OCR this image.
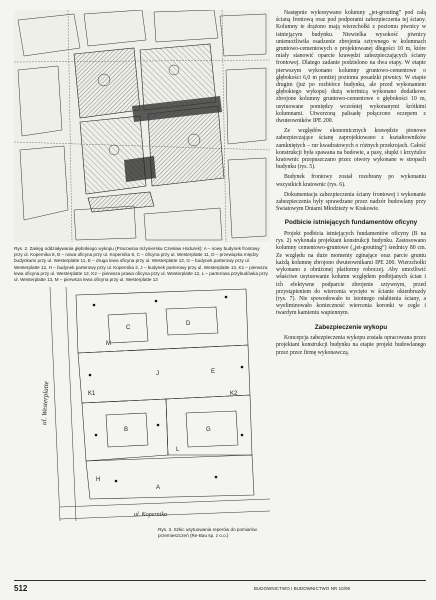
Rys. 2. Zasięg oddziaływania głębokiego wykopu (Pracownia Inżynierska Czesław Hodurek): A – nowy budynek frontowy przy ul. Kopernika 8, B – nowa oficyna przy ul. Kopernika 8, C – oficyna przy ul. Westerplatte 11, D – przewiązka między budynkami przy ul. Westerplatte 11, E – druga lewa oficyna przy ul. Westerplatte 12, G – budynek parterowy przy ul. Westerplatte 12, H – budynek parterowy przy ul. Kopernika 2, J – budynek parterowy przy ul. Westerplatte 13, K1 – pierwsza lewa oficyna przy ul. Westerplatte 12, K2 – pierwsza prawa oficyna przy ul. Westerplatte 12, L – parterowa przybudówka przy ul. Westerplatte 13, M – pierwsza lewa oficyna przy ul. Westerplatte 13
ul. Westerplatte
ul. Kopernika
A
B
C
D
E
G
H
J
K1	K2
L
M
Rys. 3. Szkic usytuowania reperów do pomiarów przemieszczeń (Re-Bau sp. z o.o.)

Następnie wykonywano kolumny „jet-grouting” pod całą ścianą frontową oraz pod podporami zabezpieczenia tej ściany. Kolumny te drążono mają wierzchołki z poziomu piwnicy w istniejącym budynku. Niewielka wysokość piwnicy uniemożliwiła osadzenie zbrojenia sztywnego w kolumnach gruntowo-cementowych o projektowanej długości 10 m, które miały stanowić oparcie krawędzi zabezpieczających ściany frontowej. Dlatego zadanie podzielono na dwa etapy. W etapie pierwszym wykonano kolumny gruntowo-cementowe o głębokości 6,0 m poniżej poziomu posadzki piwnicy. W etapie drugim (już po rozbiórce budynku, ale przed wykonaniem głębokiego wykopu) dużą wiertnicą wykonano dodatkowe zbrojone kolumny gruntowo-cementowe o głębokości 10 m, usytuowane pomiędzy wcześniej wykonanymi krótkimi kolumnami. Utworzoną palisadę połączono oczepem z dwuteowników IPE 200.

Ze względów ekonomicznych krawędzie pionowe zabezpieczające ścianę zaprojektowano z kształtowników zamkniętych – rur kwadratowych o różnych przekrojach. Całość konstrukcji była spawana na budowie, a pasy, słupki i krzyżulce kratownic przepuszczano przez otwory wykonane w stropach budynku (rys. 5).

Budynek frontowy został rozebrany po wykonaniu wszystkich kratownic (rys. 6).

Dokumentacja zabezpieczenia ściany frontowej i wykonanie zabezpieczenia były sprawdzane przez nadzór budowlany przy Światowym Dniami Młodzieży w Krakowie.

Podbicie istniejących fundamentów oficyny

Projekt podbicia istniejących fundamentów oficyny (B na rys. 2) wykonała projektant konstrukcji budynku. Zastosowano kolumny cementowo-gruntowe („jet-grouting”) średnicy 80 cm. Ze względu na duże momenty zginające oraz parcie gruntu każdą kolumnę zbrojono dwuteownikami IPE 200. Wierzchołki wykonano z obniżonej platformy roboczej. Aby umożliwić właściwe usytuowanie kolumn względem podbijanych ścian i ich efektywne podparcie zbrojenie sztywnym, przed przystąpieniem do wiercenia wycięto w ścianie okienbruzdy (rys. 7). Nie spowodowało to istotnego osłabienia ściany, a wyeliminowało konieczność wiercenia koronki w cegle i twardym kamieniu wapiennym.

Zabezpieczenie wykopu

Koncepcja zabezpieczenia wykopu została opracowana przez projektant konstrukcji budynku na etapie projekt budowlanego przez przez firmę wykonawczą.

512	BUDOWNICTWO I BUDOWNICTWO NR 10/09
